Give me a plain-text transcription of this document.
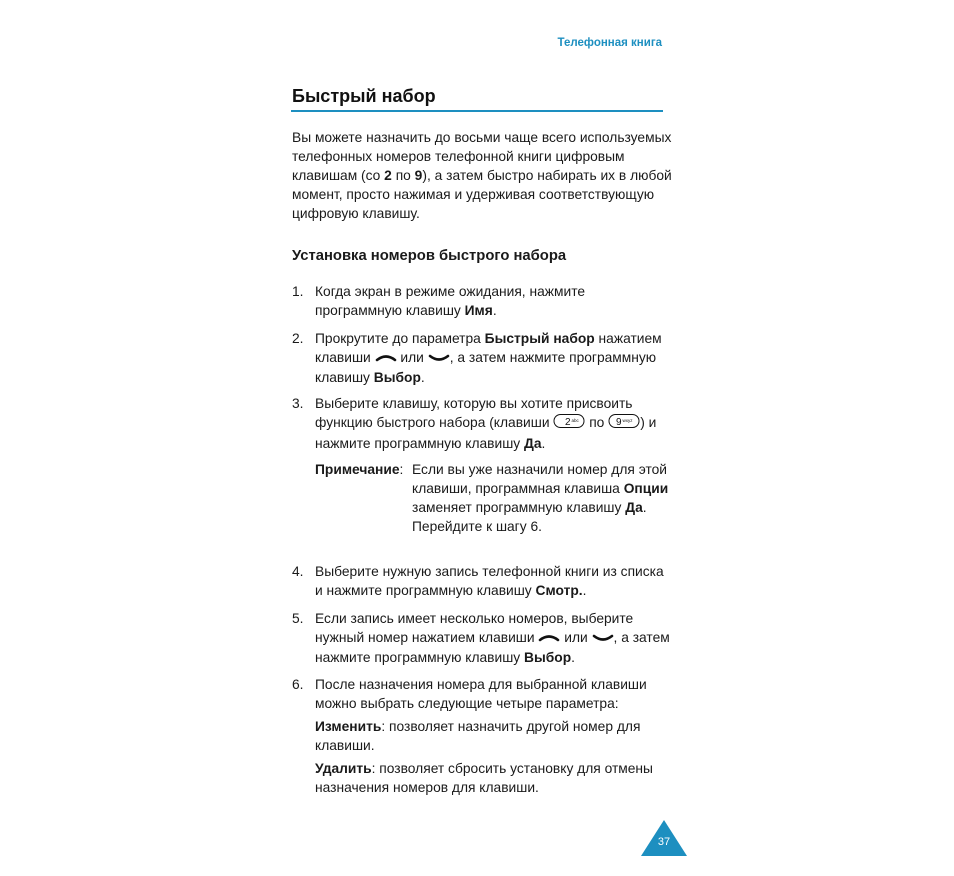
Телефонная книга
Быстрый набор
Вы можете назначить до восьми чаще всего используемых телефонных номеров телефонной книги цифровым клавишам (со 2 по 9), а затем быстро набирать их в любой момент, просто нажимая и удерживая соответствующую цифровую клавишу.
Установка номеров быстрого набора
1. Когда экран в режиме ожидания, нажмите программную клавишу Имя.
2. Прокрутите до параметра Быстрый набор нажатием клавиши  или , а затем нажмите программную клавишу Выбор.
3. Выберите клавишу, которую вы хотите присвоить функцию быстрого набора (клавиши 2 abc по 9 wxyz ) и нажмите программную клавишу Да.
Примечание: Если вы уже назначили номер для этой клавиши, программная клавиша Опции заменяет программную клавишу Да. Перейдите к шагу 6.
4. Выберите нужную запись телефонной книги из списка и нажмите программную клавишу Смотр..
5. Если запись имеет несколько номеров, выберите нужный номер нажатием клавиши  или , а затем нажмите программную клавишу Выбор.
6. После назначения номера для выбранной клавиши можно выбрать следующие четыре параметра:
Изменить: позволяет назначить другой номер для клавиши.
Удалить: позволяет сбросить установку для отмены назначения номеров для клавиши.
37
